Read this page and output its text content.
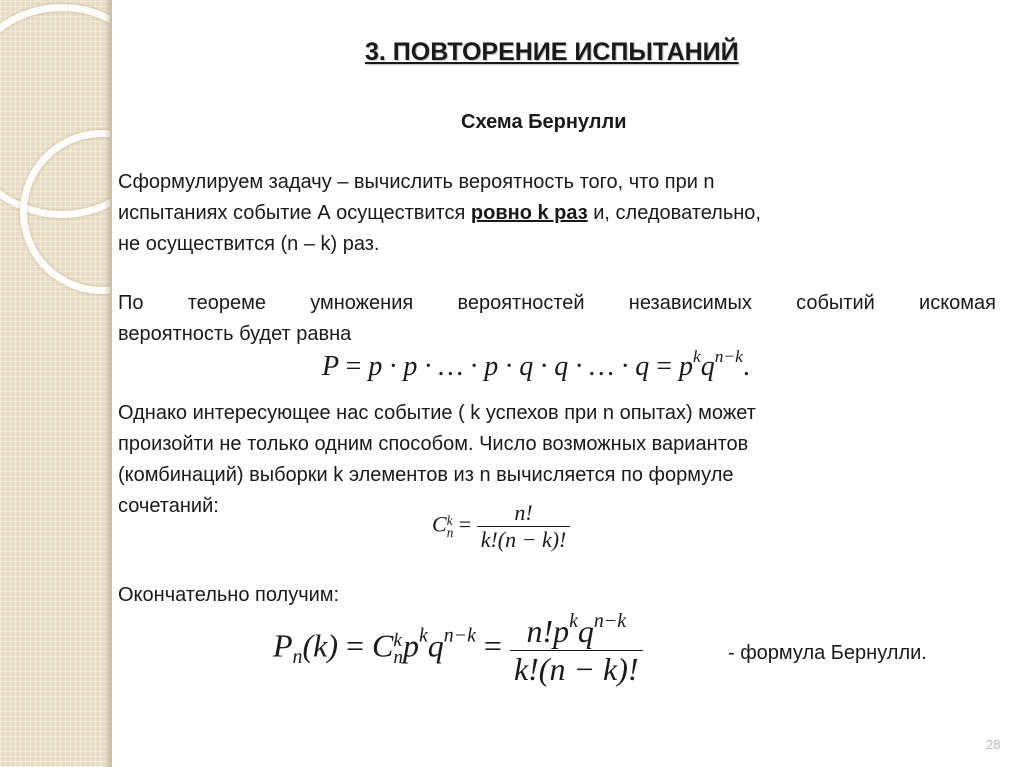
3. ПОВТОРЕНИЕ ИСПЫТАНИЙ
Схема Бернулли
Сформулируем задачу – вычислить вероятность того, что при n
испытаниях событие А осуществится ровно k раз и, следовательно,
не осуществится (n – k) раз.
По теореме умножения вероятностей независимых событий искомая
вероятность будет равна
P = p · p · … · p · q · q · … · $q = p^kq^{n-k}$.
Однако интересующее нас событие ( k успехов при n опытах) может
произойти не только одним способом. Число возможных вариантов
(комбинаций) выборки k элементов из n вычисляется по формуле
сочетаний:
C k
$n = \frac{n!}{k!(n - k)!}$
Окончательно получим:
$P_n(k) = C$ k
n $p^kq^{n-k} = \frac{n!p^kq^{n-k}}{k!(n - k)!}$	- формула Бернулли.
28
